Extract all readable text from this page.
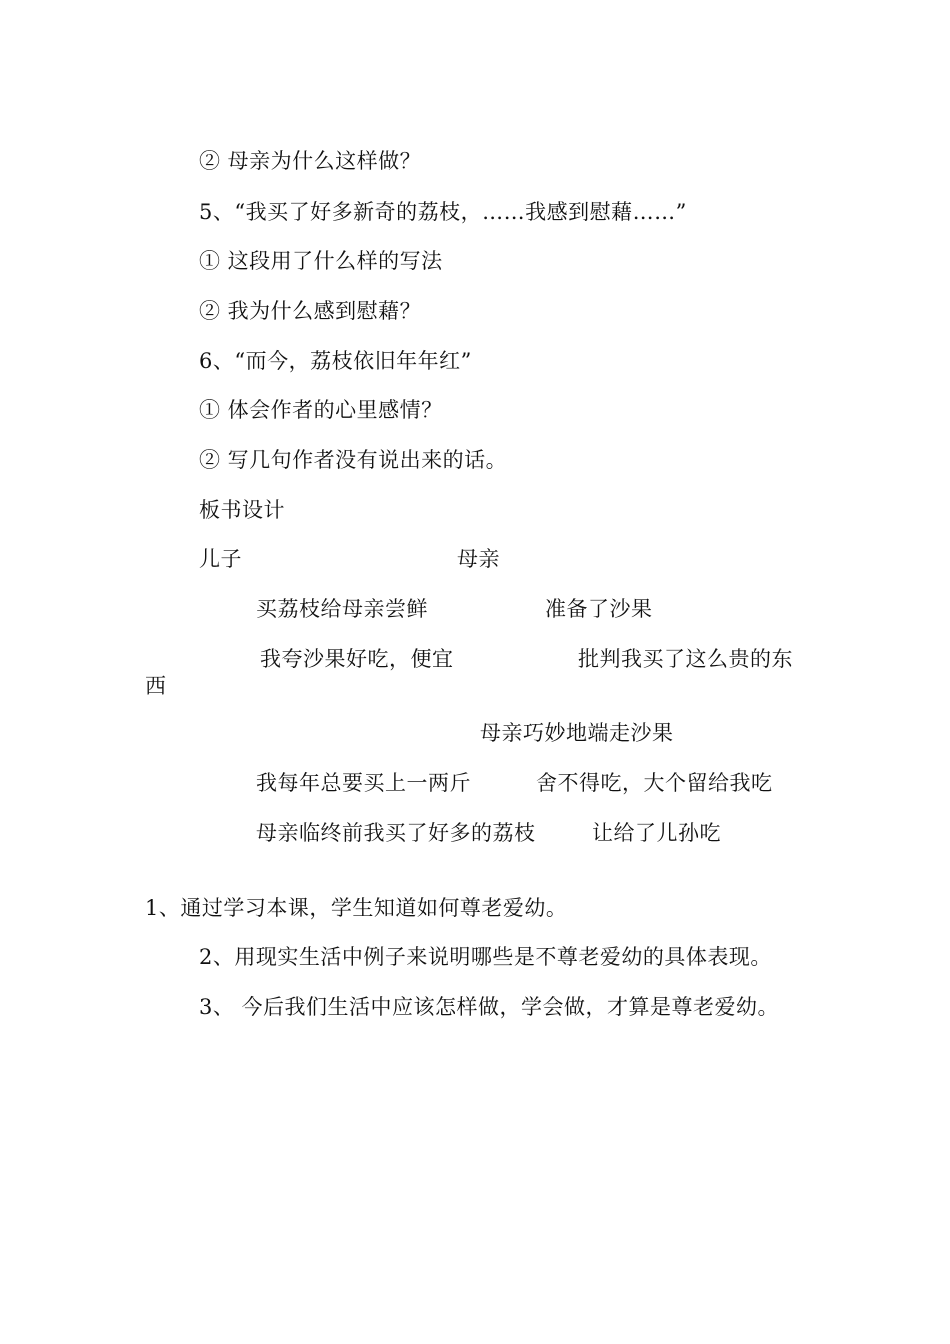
② 母亲为什么这样做？
5、“我买了好多新奇的荔枝，……我感到慰藉……”
① 这段用了什么样的写法
② 我为什么感到慰藉？
6、“而今，荔枝依旧年年红”
① 体会作者的心里感情？
② 写几句作者没有说出来的话。
板书设计
儿子	母亲
买荔枝给母亲尝鲜	准备了沙果
我夸沙果好吃，便宜	批判我买了这么贵的东
西
母亲巧妙地端走沙果
我每年总要买上一两斤	舍不得吃，大个留给我吃
母亲临终前我买了好多的荔枝	让给了儿孙吃
1、通过学习本课，学生知道如何尊老爱幼。
2、用现实生活中例子来说明哪些是不尊老爱幼的具体表现。
3、 今后我们生活中应该怎样做，学会做，才算是尊老爱幼。
